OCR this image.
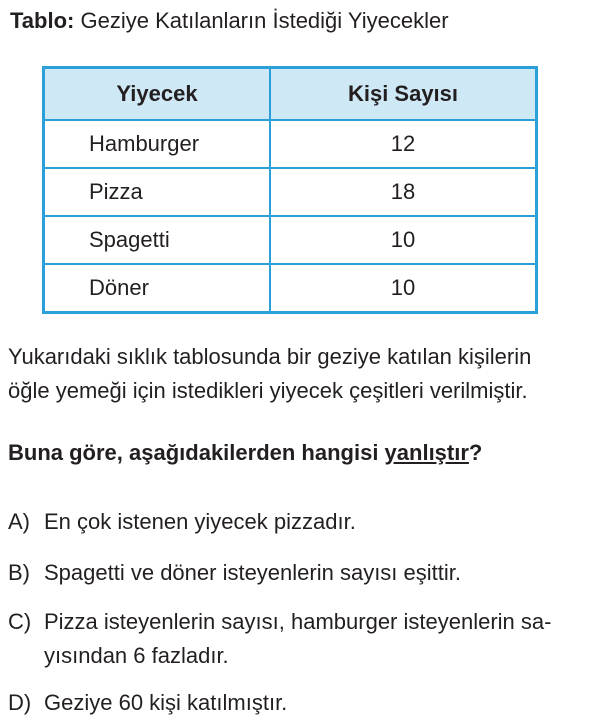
Tablo: Geziye Katılanların İstediği Yiyecekler
Yiyecek	Kişi Sayısı
Hamburger	12
Pizza	18
Spagetti	10
Döner	10
Yukarıdaki sıklık tablosunda bir geziye katılan kişilerin
öğle yemeği için istedikleri yiyecek çeşitleri verilmiştir.
Buna göre, aşağıdakilerden hangisi yanlıştır?
A) En çok istenen yiyecek pizzadır.
B) Spagetti ve döner isteyenlerin sayısı eşittir.
C) Pizza isteyenlerin sayısı, hamburger isteyenlerin sa-
yısından 6 fazladır.
D) Geziye 60 kişi katılmıştır.
